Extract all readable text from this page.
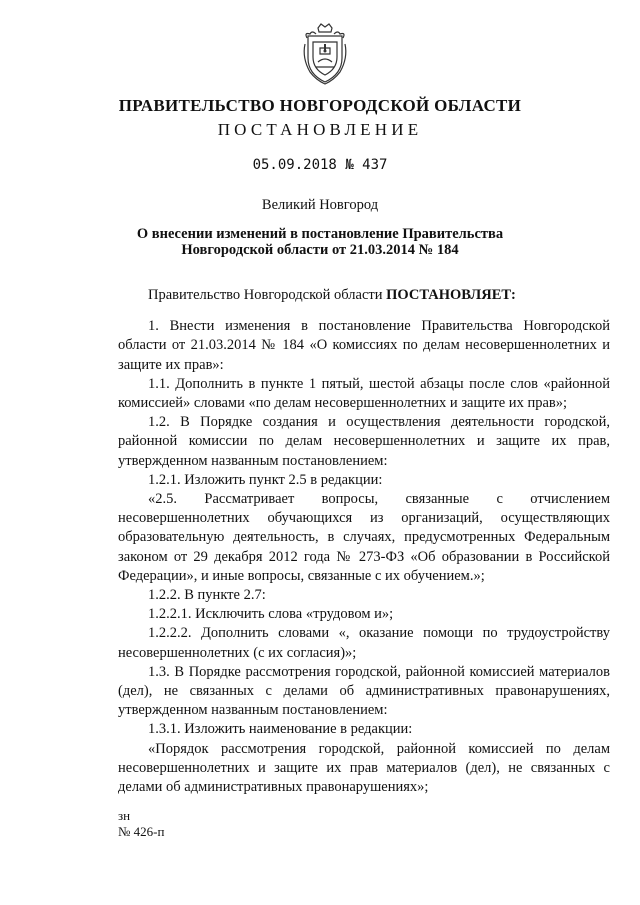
ПРАВИТЕЛЬСТВО НОВГОРОДСКОЙ ОБЛАСТИ
ПОСТАНОВЛЕНИЕ
05.09.2018 № 437
Великий Новгород
О внесении изменений в постановление Правительства
Новгородской области от 21.03.2014 № 184
Правительство Новгородской области ПОСТАНОВЛЯЕТ:
1. Внести изменения в постановление Правительства Новгородской области от 21.03.2014 № 184 «О комиссиях по делам несовершеннолетних и защите их прав»:
1.1. Дополнить в пункте 1 пятый, шестой абзацы после слов «районной комиссией» словами «по делам несовершеннолетних и защите их прав»;
1.2. В Порядке создания и осуществления деятельности городской, районной комиссии по делам несовершеннолетних и защите их прав, утвержденном названным постановлением:
1.2.1. Изложить пункт 2.5 в редакции:
«2.5. Рассматривает вопросы, связанные с отчислением несовершеннолетних обучающихся из организаций, осуществляющих образовательную деятельность, в случаях, предусмотренных Федеральным законом от 29 декабря 2012 года № 273-ФЗ «Об образовании в Российской Федерации», и иные вопросы, связанные с их обучением.»;
1.2.2. В пункте 2.7:
1.2.2.1. Исключить слова «трудовом и»;
1.2.2.2. Дополнить словами «, оказание помощи по трудоустройству несовершеннолетних (с их согласия)»;
1.3. В Порядке рассмотрения городской, районной комиссией материалов (дел), не связанных с делами об административных правонарушениях, утвержденном названным постановлением:
1.3.1. Изложить наименование в редакции:
«Порядок рассмотрения городской, районной комиссией по делам несовершеннолетних и защите их прав материалов (дел), не связанных с делами об административных правонарушениях»;
зн
№ 426-п
